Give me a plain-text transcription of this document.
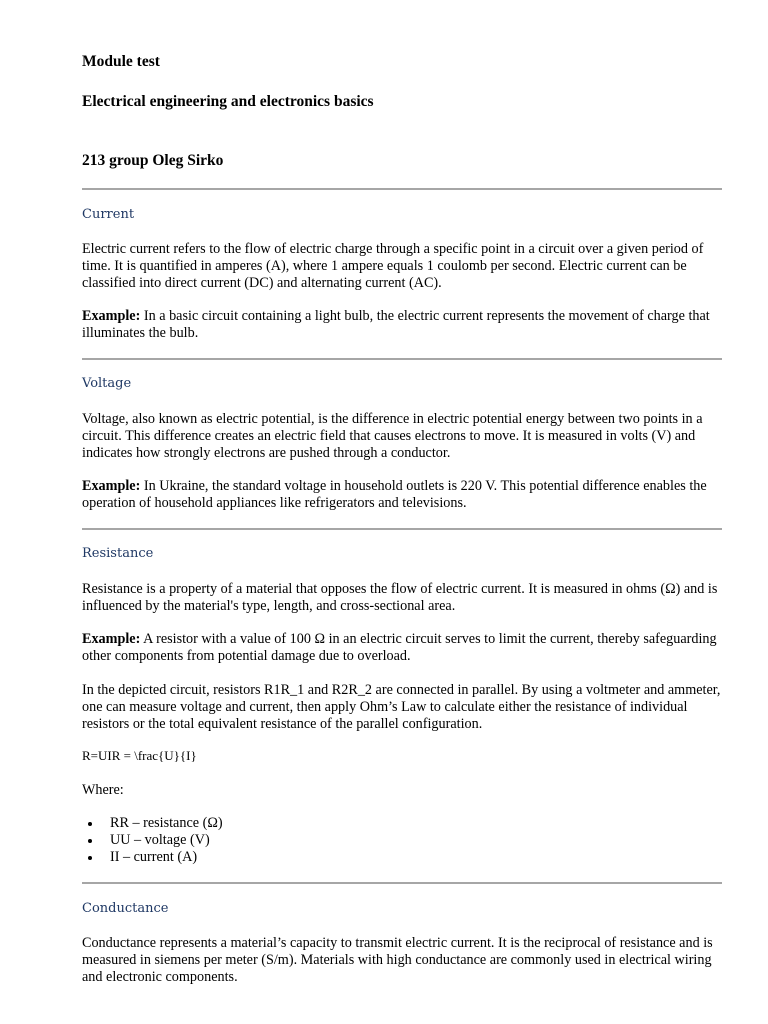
Module test
Electrical engineering and electronics basics
213 group Oleg Sirko
Current
Electric current refers to the flow of electric charge through a specific point in a circuit over a given period of time. It is quantified in amperes (A), where 1 ampere equals 1 coulomb per second. Electric current can be classified into direct current (DC) and alternating current (AC).
Example: In a basic circuit containing a light bulb, the electric current represents the movement of charge that illuminates the bulb.
Voltage
Voltage, also known as electric potential, is the difference in electric potential energy between two points in a circuit. This difference creates an electric field that causes electrons to move. It is measured in volts (V) and indicates how strongly electrons are pushed through a conductor.
Example: In Ukraine, the standard voltage in household outlets is 220 V. This potential difference enables the operation of household appliances like refrigerators and televisions.
Resistance
Resistance is a property of a material that opposes the flow of electric current. It is measured in ohms (Ω) and is influenced by the material's type, length, and cross-sectional area.
Example: A resistor with a value of 100 Ω in an electric circuit serves to limit the current, thereby safeguarding other components from potential damage due to overload.
In the depicted circuit, resistors R1R_1 and R2R_2 are connected in parallel. By using a voltmeter and ammeter, one can measure voltage and current, then apply Ohm’s Law to calculate either the resistance of individual resistors or the total equivalent resistance of the parallel configuration.
R=UIR = \frac{U}{I}
Where:
RR – resistance (Ω)
UU – voltage (V)
II – current (A)
Conductance
Conductance represents a material’s capacity to transmit electric current. It is the reciprocal of resistance and is measured in siemens per meter (S/m). Materials with high conductance are commonly used in electrical wiring and electronic components.
